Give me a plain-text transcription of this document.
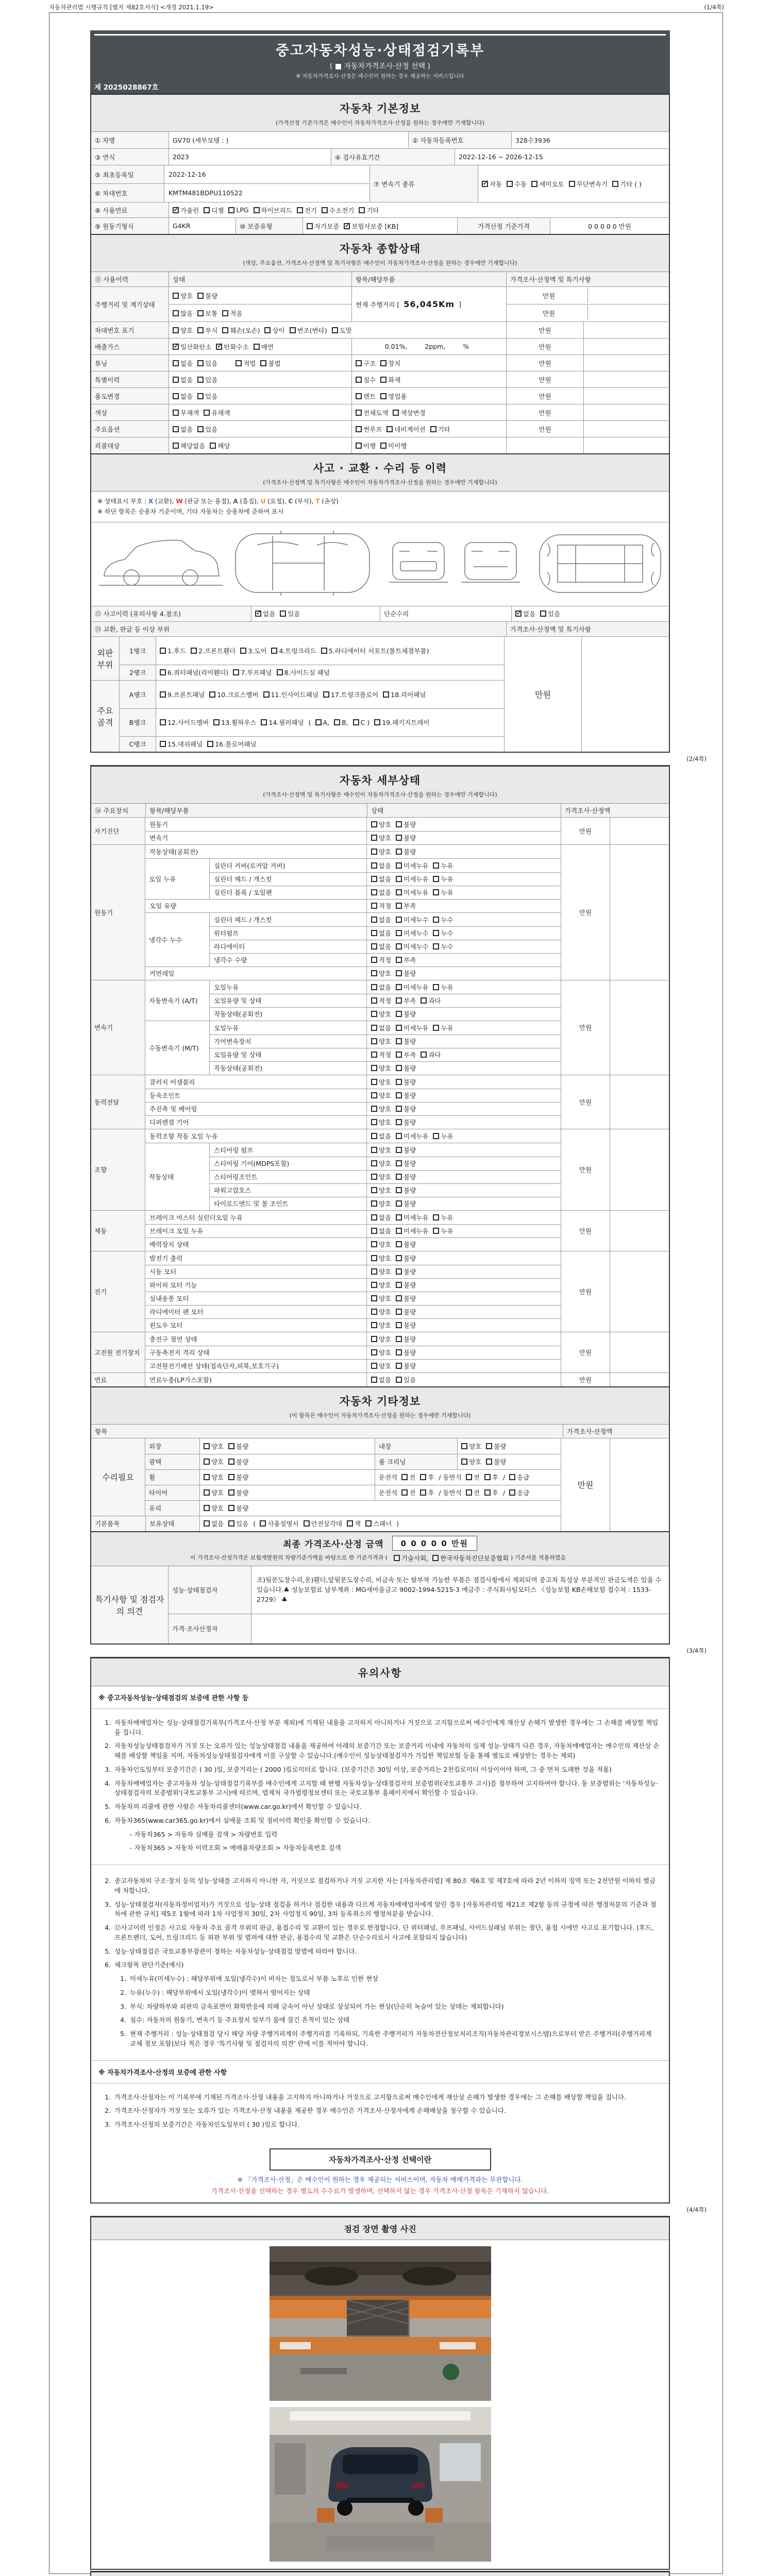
자동차관리법 시행규칙 [별지 제82호서식] <개정 2021.1.19>	(1/4쪽)
중고자동차성능·상태점검기록부
( ■ 자동차가격조사·산정 선택 )
※ 자동차가격조사·산정은 매수인이 원하는 경우 제공하는 서비스입니다
제 2025028867호
자동차 기본정보
(가격산정 기준가격은 매수인이 자동차가격조사·산정을 원하는 경우에만 기재합니다)
① 차명	GV70 (세부모델 : )	② 자동차등록번호	328수3936
③ 연식	2023	④ 검사유효기간	2022-12-16 ~ 2026-12-15
⑤ 최초등록일	2022-12-16
⑥ 차대번호	KMTM481BDPU110522
⑦ 변속기 종류 ✓	자동 수동 세미오토 무단변속기 기타 ( )
⑧ 사용연료 ✓	가솔린 디젤 LPG 하이브리드 전기 수소전기 기타
⑨ 원동기형식	G4KR	⑩ 보증유형	자가보증 ✓ 보험사보증 [KB]	가격산정 기준가격	0 0 0 0 0 만원
자동차 종합상태
(색상, 주요옵션, 가격조사·산정액 및 특기사항은 매수인이 자동차가격조사·산정을 원하는 경우에만 기재합니다)
⑪ 사용이력	상태	항목/해당부품	가격조사·산정액 및 특기사항
주행거리 및 계기상태
양호 불량
많음 보통 적음
현재 주행거리 [ 56,045Km ]
만원
만원
차대번호 표기	양호 부식 훼손(오손) 상이 변조(변타) 도말	만원
배출가스 ✓	일산화탄소 ✓ 탄화수소 매연	0.01%,	2ppm,	%	만원
튜닝	없음 있음	적법 불법	구조 장치	만원
특별이력	없음 있음	침수 화재	만원
용도변경	없음 있음	렌트 영업용	만원
색상	무채색 유채색	전체도색 색상변경	만원
주요옵션	없음 있음	썬루프 네비게이션 기타	만원
리콜대상	해당없음 해당	이행 미이행
사고 · 교환 · 수리 등 이력
(가격조사·산정액 및 특기사항은 매수인이 자동차가격조사·산정을 원하는 경우에만 기재합니다)
※ 상태표시 부호 : X (교환), W (판금 또는 용접), A (흠집), U (요철), C (부식), T (손상)
※ 하단 항목은 승용차 기준이며, 기타 자동차는 승용차에 준하여 표시
⑫ 사고이력 (유의사항 4.참조) ✓	없음 있음	단순수리 ✓	없음 있음
⑬ 교환, 판금 등 이상 부위	가격조사·산정액 및 특기사항
외판 부위
1랭크	1.후드 2.프론트휀더 3.도어 4.트렁크리드 5.라디에이터 서포트(볼트체결부품)
2랭크	6.쿼터패널(리어휀더) 7.루프패널 8.사이드실 패널
주요 골격
A랭크	9.프론트패널 10.크로스멤버 11.인사이드패널 17.트렁크플로어 18.리어패널
B랭크	12.사이드멤버 13.휠하우스 14.필러패널 ( A, B, C ) 19.패키지트레이
C랭크	15.대쉬패널 16.플로어패널
만원
(2/4쪽)
자동차 세부상태
(가격조사·산정액 및 특기사항은 매수인이 자동차가격조사·산정을 원하는 경우에만 기재합니다)
⑭ 주요장치	항목/해당부품	상태	가격조사·산정액
자기진단
원동기	양호 불량
변속기	양호 불량
만원
원동기
작동상태(공회전)	양호 불량
오일 누유
실린더 커버(로커암 커버)	없음 미세누유 누유
실린더 헤드 / 개스킷	없음 미세누유 누유
실린더 블록 / 오일팬	없음 미세누유 누유
오일 유량	적정 부족
냉각수 누수
실린더 헤드 / 개스킷	없음 미세누수 누수
워터펌프	없음 미세누수 누수
라디에이터	없음 미세누수 누수
냉각수 수량	적정 부족
커먼레일	양호 불량
만원
변속기
자동변속기 (A/T)
오일누유	없음 미세누유 누유
오일유량 및 상태	적정 부족 과다
작동상태(공회전)	양호 불량
수동변속기 (M/T)
오일누유	없음 미세누유 누유
기어변속장치	양호 불량
오일유량 및 상태	적정 부족 과다
작동상태(공회전)	양호 불량
만원
동력전달
클러치 어셈블리	양호 불량
등속조인트	양호 불량
추진축 및 베어링	양호 불량
디퍼렌셜 기어	양호 불량
만원
조향
동력조향 작동 오일 누유	없음 미세누유 누유
작동상태
스티어링 펌프	양호 불량
스티어링 기어(MDPS포함)	양호 불량
스티어링조인트	양호 불량
파워고압호스	양호 불량
타이로드엔드 및 볼 조인트	양호 불량
만원
제동
브레이크 마스터 실린더오일 누유	없음 미세누유 누유
브레이크 오일 누유	없음 미세누유 누유
배력장치 상태	양호 불량
만원
전기
발전기 출력	양호 불량
시동 모터	양호 불량
와이퍼 모터 기능	양호 불량
실내송풍 모터	양호 불량
라디에이터 팬 모터	양호 불량
윈도우 모터	양호 불량
만원
고전원 전기장치
충전구 절연 상태	양호 불량
구동축전지 격리 상태	양호 불량
고전원전기배선 상태(접속단자,피복,보호기구)	양호 불량
만원
연료	연료누출(LP가스포함)	없음 있음	만원
자동차 기타정보
(이 항목은 매수인이 자동차가격조사·산정을 원하는 경우에만 기재합니다)
항목	가격조사·산정액
수리필요
외장	양호 불량	내장	양호 불량
광택	양호 불량	룸 크리닝	양호 불량
휠	양호 불량	운전석 전 후 / 동반석 전 후 / 응급
타이어	양호 불량	운전석 전 후 / 동반석 전 후 / 응급
유리	양호 불량
기본품목	보유상태	없음 있음 ( 사용설명서 안전삼각대 잭 스패너 )
만원
최종 가격조사·산정 금액	0 0 0 0 0 만원
이 가격조사·산정가격은 보험개발원의 차량기준가액을 바탕으로 한 기준가격과 ( 기술사회, 한국자동차진단보증협회 ) 기준서를 적용하였음
특기사항 및 점검자의 의견
성능·상태점검자
조)뒷문도장수리,운)휀더,앞뒷문도장수리, 비금속 또는 탈부착 가능한 부품은 점검사항에서 제외되며 중고차 특성상 부분적인 판금도색은 있을 수 있습니다.♣ 성능보험료 납부계좌 : MG새마을금고 9002-1994-5215-3 예금주 : 주식회사팀모터스 《성능보험 KB손해보험 접수처 : 1533-2729》 ♣
가격·조사산정자
(3/4쪽)
유의사항
※ 중고자동차성능·상태점검의 보증에 관한 사항 등
1. 자동차매매업자는 성능·상태점검기록부(가격조사·산정 부분 제외)에 기재된 내용을 고지하지 아니하거나 거짓으로 고지함으로써 매수인에게 재산상 손해가 발생한 경우에는 그 손해를 배상할 책임을 집니다.
2. 자동차성능상태점검자가 거짓 또는 오류가 있는 성능상태점검 내용을 제공하여 아래의 보증기간 또는 보증거리 이내에 자동차의 실제 성능·상태가 다른 경우, 자동차매매업자는 매수인의 재산상 손해를 배상할 책임을 지며, 자동차성능상태점검자에게 이를 구상할 수 있습니다.(매수인이 성능상태점검자가 가입한 책임보험 등을 통해 별도로 배상받는 경우는 제외)
3. 자동차인도일부터 보증기간은 ( 30 )일, 보증거리는 ( 2000 )킬로미터로 합니다. (보증기간은 30일 이상, 보증거리는 2천킬로미터 이상이어야 하며, 그 중 먼저 도래한 것을 적용)
4. 자동차매매업자는 중고자동차 성능·상태점검기록부를 매수인에게 고지할 때 현행 자동차성능·상태점검자의 보증범위(국토교통부 고시)를 첨부하여 고지하여야 합니다. 동 보증범위는 '자동차성능·상태점검자의 보증범위'(국토교통부 고시)에 따르며, 법제처 국가법령정보센터 또는 국토교통부 홈페이지에서 확인할 수 있습니다.
5. 자동차의 리콜에 관한 사항은 자동차리콜센터(www.car.go.kr)에서 확인할 수 있습니다.
6. 자동차365(www.car365.go.kr)에서 실매물 조회 및 정비이력 확인을 확인할 수 있습니다.
- 자동차365 > 자동차 실매물 검색 > 차량번호 입력
- 자동차365 > 자동차 이력조회 > 매매용차량조회 > 자동차등록번호 검색
2. 중고자동차의 구조·장치 등의 성능·상태를 고지하지 아니한 자, 거짓으로 점검하거나 거짓 고지한 자는 [자동차관리법] 제 80조 제6호 및 제7호에 따라 2년 이하의 징역 또는 2천만원 이하의 벌금에 처합니다.
3. 성능·상태점검자(자동차정비업자)가 거짓으로 성능·상태 점검을 하거나 점검한 내용과 다르게 자동차매매업자에게 알린 경우 [자동차관리법 제21조 제2항 등의 규정에 따른 행정처분의 기준과 절차에 관한 규칙] 제5조 1항에 따라 1차 사업정지 30일, 2차 사업정지 90일, 3차 등록취소의 행정처분을 받습니다.
4. ⑫사고이력 인정은 사고로 자동차 주요 골격 부위의 판금, 용접수리 및 교환이 있는 경우로 한정합니다. 단 쿼터패널, 루프패널, 사이드실패널 부위는 절단, 용접 시에만 사고로 표기합니다. (후드, 프론트펜더, 도어, 트렁크리드 등 외판 부위 및 범퍼에 대한 판금, 용접수리 및 교환은 단순수리로서 사고에 포함되지 않습니다)
5. 성능·상태점검은 국토교통부장관이 정하는 자동차성능·상태점검 방법에 따라야 합니다.
6. 체크항목 판단기준(예시)
1. 미세누유(미세누수) : 해당부위에 오일(냉각수)이 비치는 정도로서 부품 노후로 인한 현상
2. 누유(누수) : 해당부위에서 오일(냉각수)이 맺혀서 떨어지는 상태
3. 부식: 차량하부와 외판의 금속표면이 화학반응에 의해 금속이 아닌 상태로 상실되어 가는 현상(단순히 녹슬어 있는 상태는 제외합니다)
4. 침수: 자동차의 원동기, 변속기 등 주요장치 일부가 물에 잠긴 흔적이 있는 상태
5. 현재 주행거리 : 성능·상태점검 당시 해당 차량 주행거리계의 주행거리를 기록하되, 기록한 주행거리가 자동차전산정보처리조직(자동차관리정보시스템)으로부터 받은 주행거리(주행거리계 교체 정보 포함)보다 적은 경우 '특기사항 및 점검자의 의견' 란에 이를 적어야 합니다.
※ 자동차가격조사·산정의 보증에 관한 사항
1. 가격조사·산정자는 이 기록부에 기재된 가격조사·산정 내용을 고지하지 아니하거나 거짓으로 고지함으로써 매수인에게 재산상 손해가 발생한 경우에는 그 손해를 배상할 책임을 집니다.
2. 가격조사·산정자가 거짓 또는 오류가 있는 가격조사·산정 내용을 제공한 경우 매수인은 가격조사·산정자에게 손해배상을 청구할 수 있습니다.
3. 가격조사·산정의 보증기간은 자동차인도일부터 ( 30 )일로 합니다.
자동차가격조사·산정 선택이란
※ 「가격조사·산정」은 매수인이 원하는 경우 제공되는 서비스이며, 자동차 매매가격과는 무관합니다.
가격조사·산정을 선택하는 경우 별도의 수수료가 발생하며, 선택하지 않는 경우 가격조사·산정 항목은 기재하지 않습니다.
(4/4쪽)
점검 장면 촬영 사진
